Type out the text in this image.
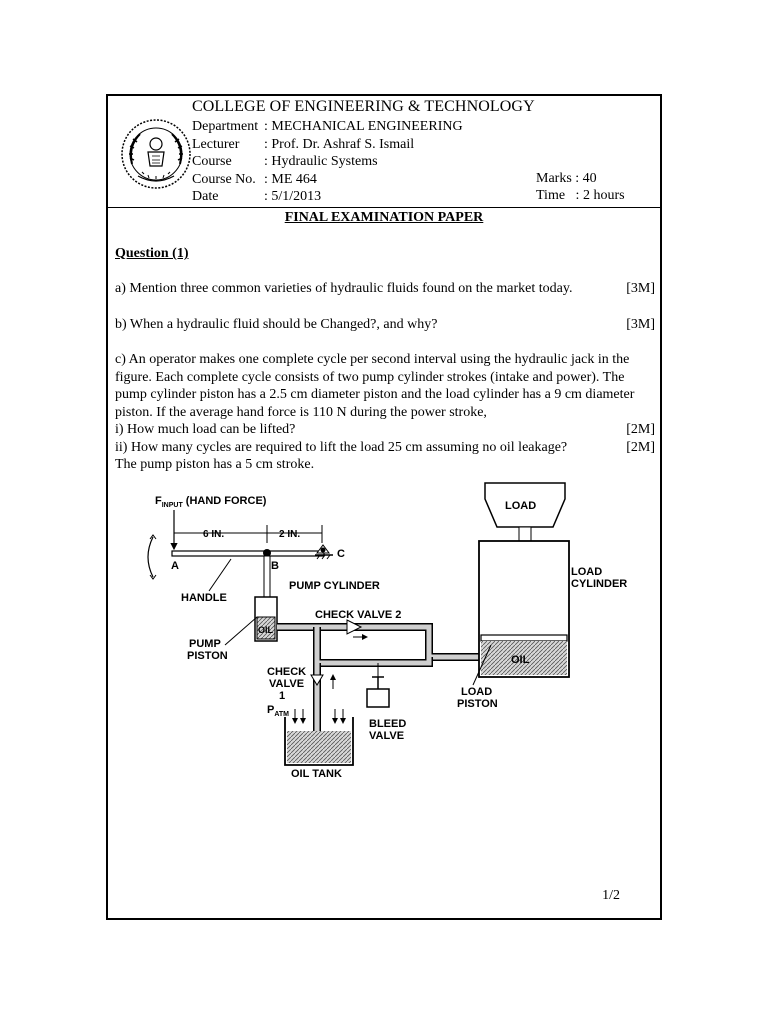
COLLEGE OF ENGINEERING & TECHNOLOGY
Department : MECHANICAL ENGINEERING
Lecturer : Prof. Dr. Ashraf S. Ismail
Course : Hydraulic Systems
Course No. : ME 464
Date	: 5/1/2013
Marks : 40
Time   : 2 hours
FINAL EXAMINATION PAPER
Question (1)
a) Mention three common varieties of hydraulic fluids found on the market today.	[3M]
b) When a hydraulic fluid should be Changed?, and why?	[3M]
c) An operator makes one complete cycle per second interval using the hydraulic jack in the figure. Each complete cycle consists of two pump cylinder strokes (intake and power). The pump cylinder piston has a 2.5 cm diameter piston and the load cylinder has a 9 cm diameter piston. If the average hand force is 110 N during the power stroke,
i) How much load can be lifted?	[2M]
ii) How many cycles are required to lift the load 25 cm assuming no oil leakage?	[2M]
The pump piston has a 5 cm stroke.
1/2
$F_{INPUT}$ (HAND FORCE)
6 IN.	2 IN.
A	B
C
HANDLE
PUMP CYLINDER
OIL
PUMP
PISTON
CHECK VALVE 2
CHECK
VALVE
1
BLEED
VALVE
$P_{ATM}$
OIL TANK
LOAD
OIL
LOAD
CYLINDER
LOAD
PISTON
